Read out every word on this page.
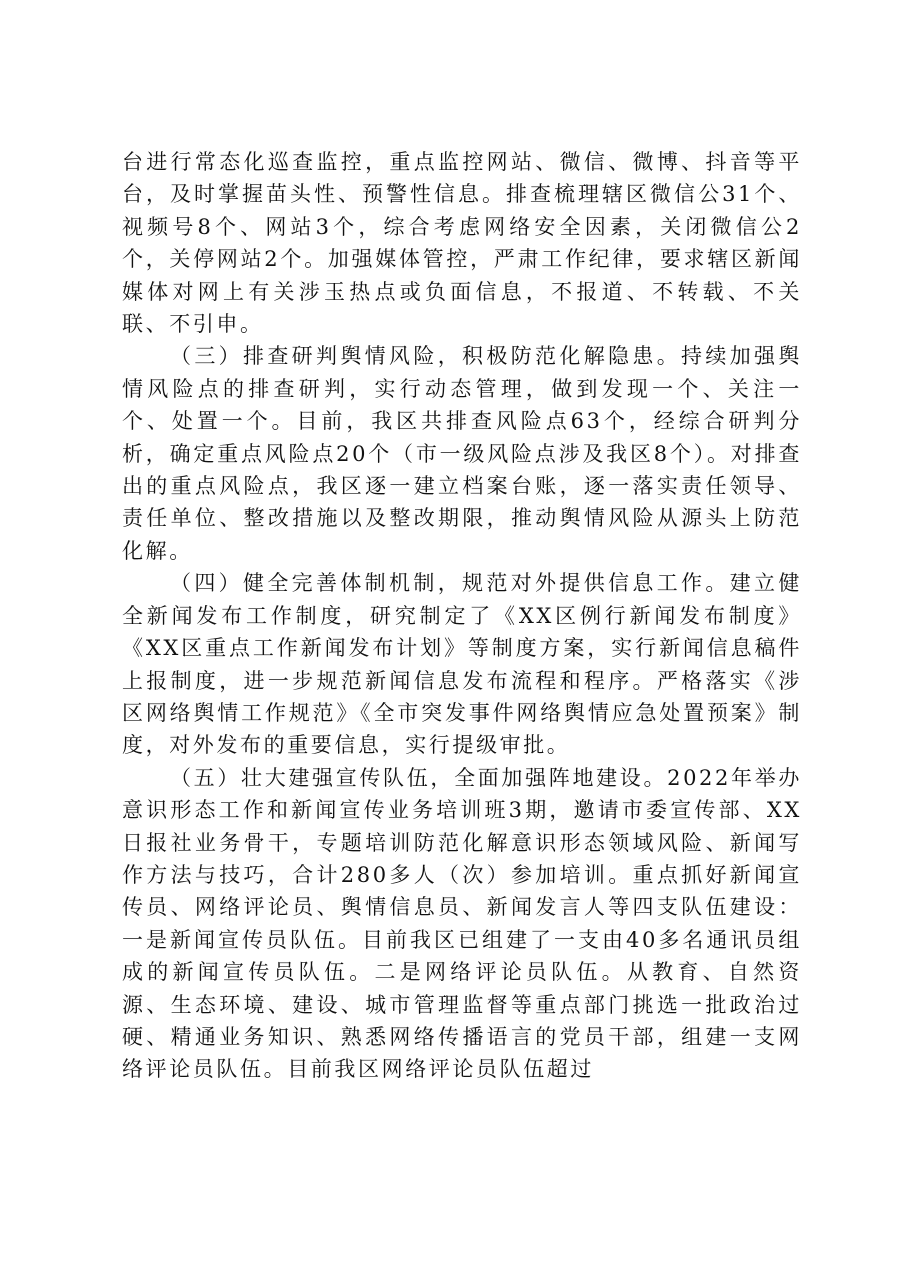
台进行常态化巡查监控，重点监控网站、微信、微博、抖音等平台，及时掌握苗头性、预警性信息。排查梳理辖区微信公31个、视频号8个、网站3个，综合考虑网络安全因素，关闭微信公2个，关停网站2个。加强媒体管控，严肃工作纪律，要求辖区新闻媒体对网上有关涉玉热点或负面信息，不报道、不转载、不关联、不引申。

（三）排查研判舆情风险，积极防范化解隐患。持续加强舆情风险点的排查研判，实行动态管理，做到发现一个、关注一个、处置一个。目前，我区共排查风险点63个，经综合研判分析，确定重点风险点20个（市一级风险点涉及我区8个）。对排查出的重点风险点，我区逐一建立档案台账，逐一落实责任领导、责任单位、整改措施以及整改期限，推动舆情风险从源头上防范化解。

（四）健全完善体制机制，规范对外提供信息工作。建立健全新闻发布工作制度，研究制定了《XX区例行新闻发布制度》《XX区重点工作新闻发布计划》等制度方案，实行新闻信息稿件上报制度，进一步规范新闻信息发布流程和程序。严格落实《涉区网络舆情工作规范》《全市突发事件网络舆情应急处置预案》制度，对外发布的重要信息，实行提级审批。

（五）壮大建强宣传队伍，全面加强阵地建设。2022年举办意识形态工作和新闻宣传业务培训班3期，邀请市委宣传部、XX日报社业务骨干，专题培训防范化解意识形态领域风险、新闻写作方法与技巧，合计280多人（次）参加培训。重点抓好新闻宣传员、网络评论员、舆情信息员、新闻发言人等四支队伍建设：一是新闻宣传员队伍。目前我区已组建了一支由40多名通讯员组成的新闻宣传员队伍。二是网络评论员队伍。从教育、自然资源、生态环境、建设、城市管理监督等重点部门挑选一批政治过硬、精通业务知识、熟悉网络传播语言的党员干部，组建一支网络评论员队伍。目前我区网络评论员队伍超过
